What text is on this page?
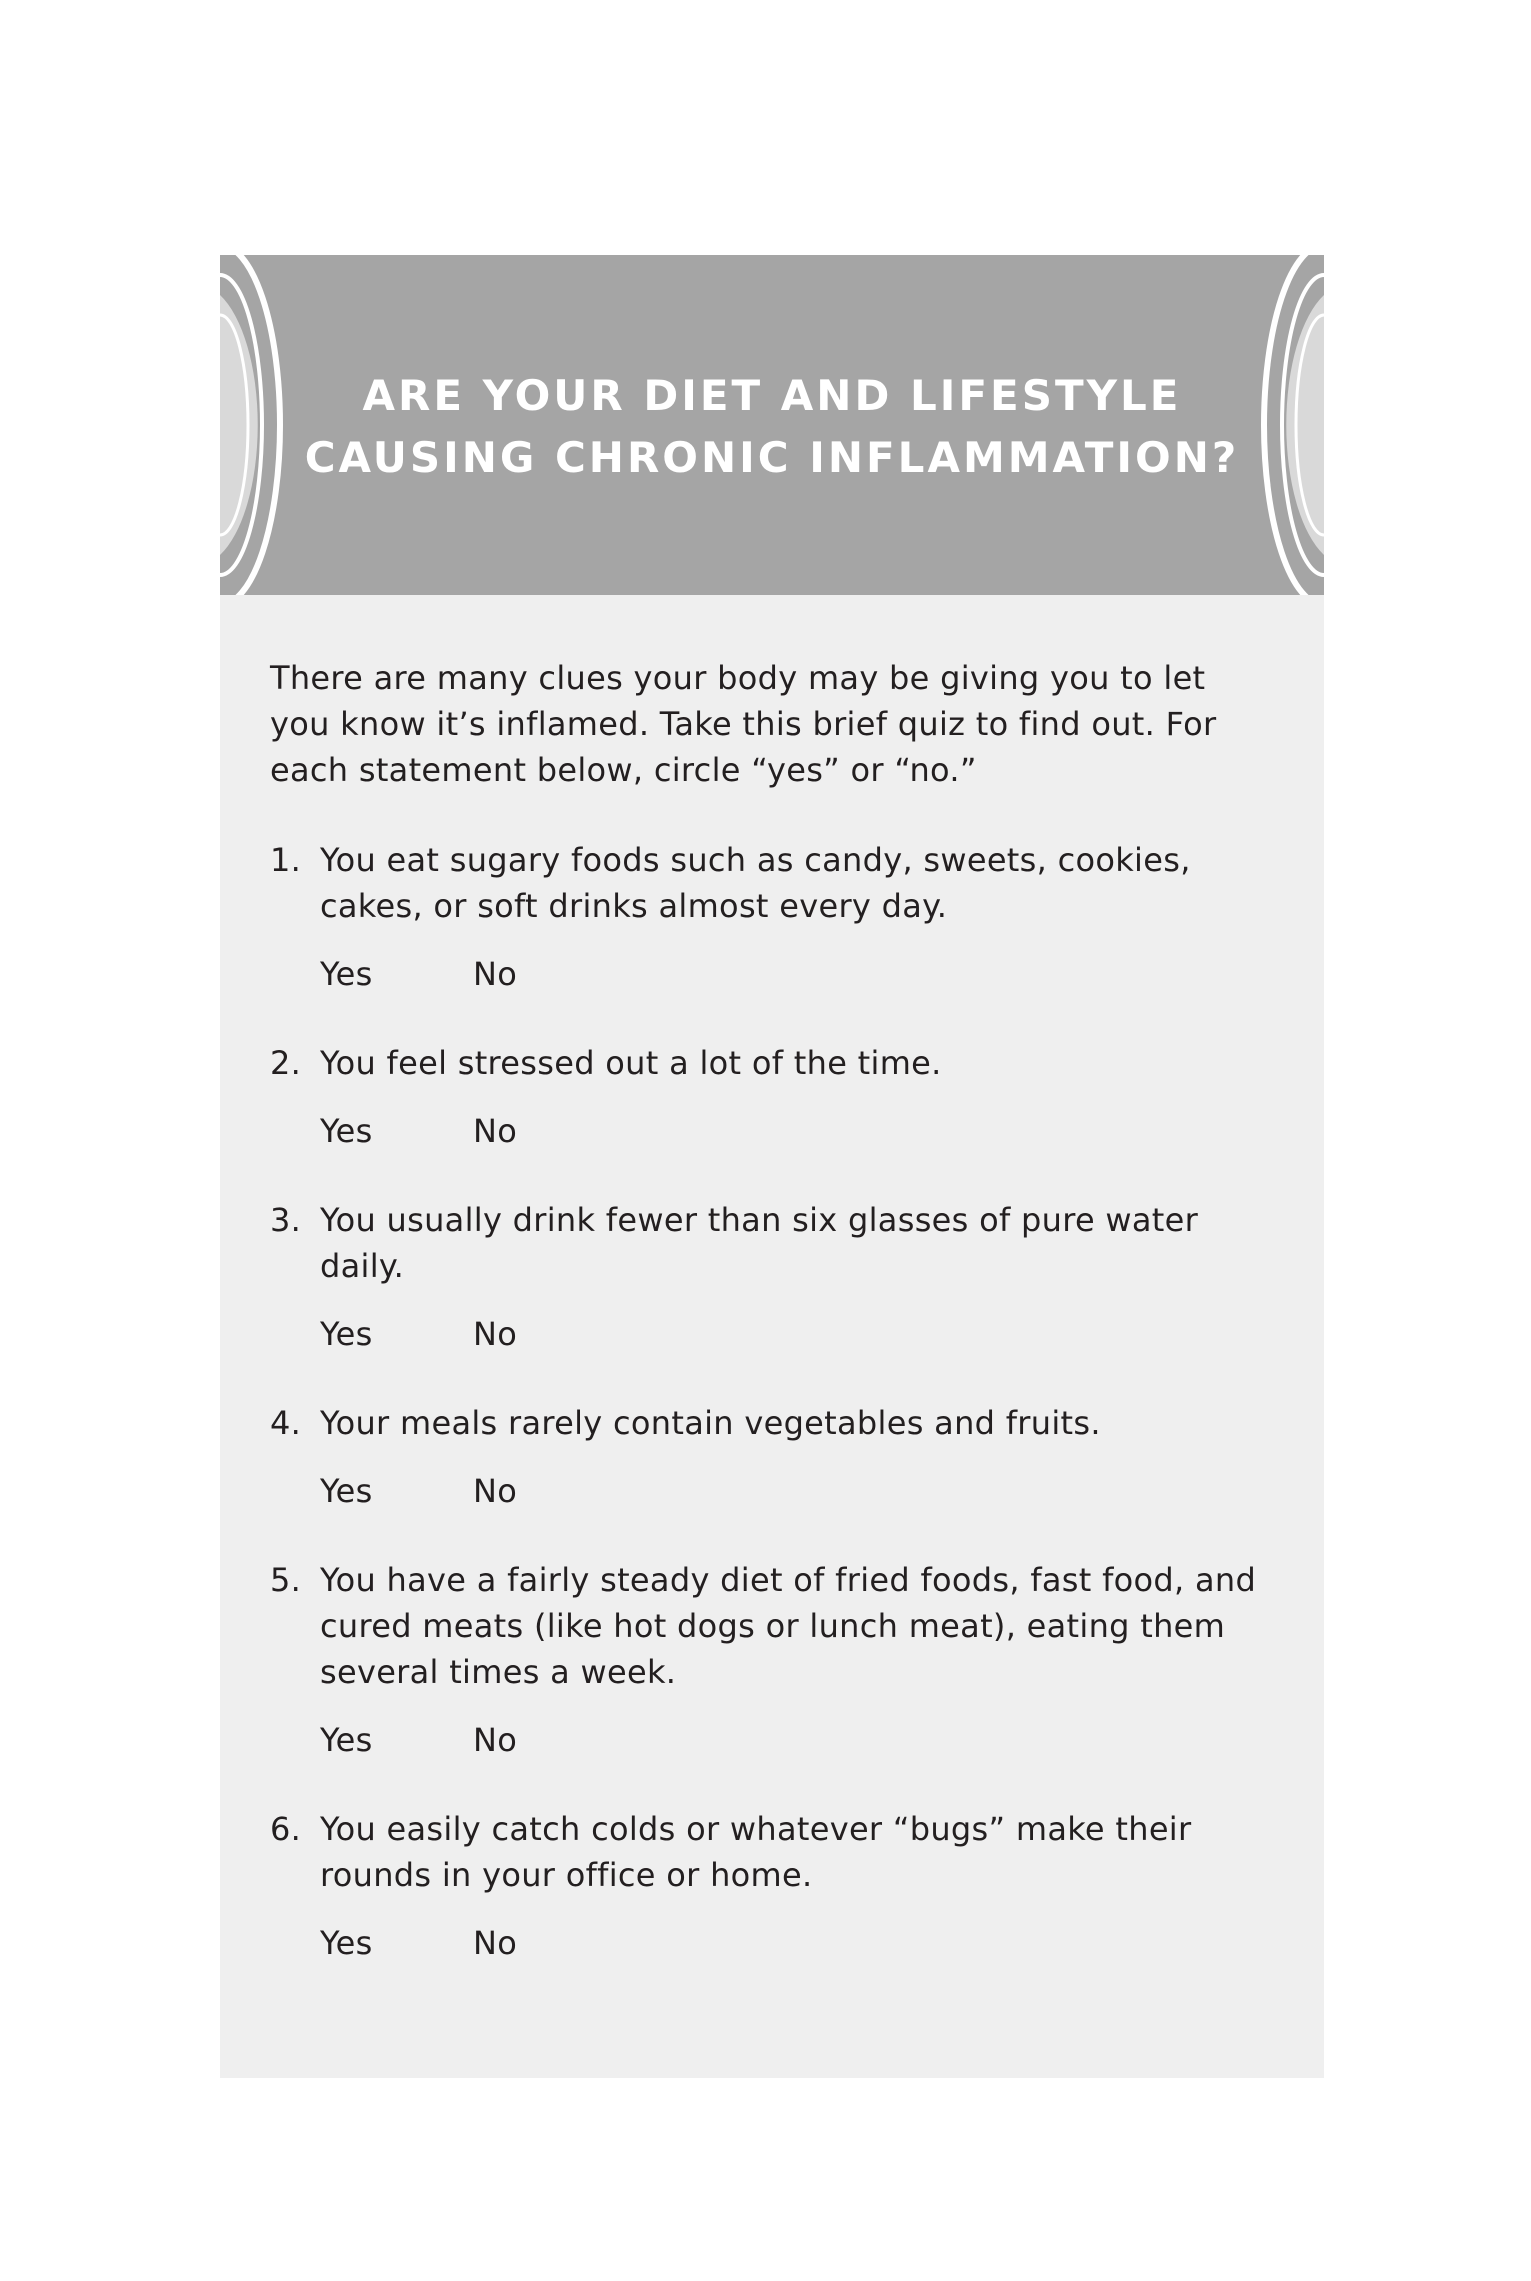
ARE YOUR DIET AND LIFESTYLE
CAUSING CHRONIC INFLAMMATION?

There are many clues your body may be giving you to let you know it’s inflamed. Take this brief quiz to find out. For each statement below, circle “yes” or “no.”

1. You eat sugary foods such as candy, sweets, cookies, cakes, or soft drinks almost every day.
Yes	No
2. You feel stressed out a lot of the time.
Yes	No
3. You usually drink fewer than six glasses of pure water daily.
Yes	No
4. Your meals rarely contain vegetables and fruits.
Yes	No
5. You have a fairly steady diet of fried foods, fast food, and cured meats (like hot dogs or lunch meat), eating them several times a week.
Yes	No
6. You easily catch colds or whatever “bugs” make their rounds in your office or home.
Yes	No
